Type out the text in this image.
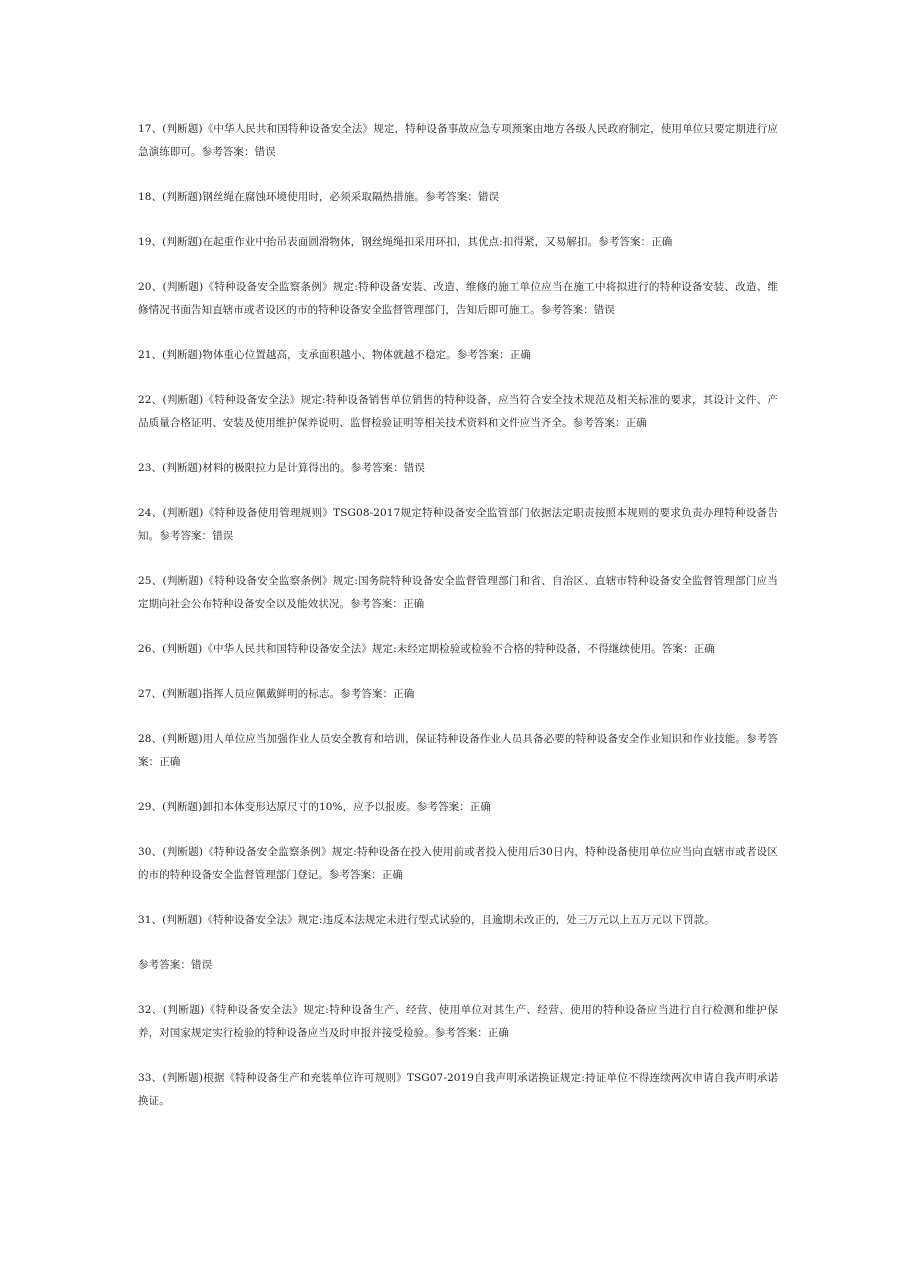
17、(判断题)《中华人民共和国特种设备安全法》规定，特种设备事故应急专项预案由地方各级人民政府制定，使用单位只要定期进行应急演练即可。参考答案：错误

18、(判断题)钢丝绳在腐蚀环境使用时，必须采取隔热措施。参考答案：错误

19、(判断题)在起重作业中抬吊表面圆滑物体，钢丝绳绳扣采用环扣，其优点:扣得紧，又易解扣。参考答案：正确

20、(判断题)《特种设备安全监察条例》规定:特种设备安装、改造、维修的施工单位应当在施工中将拟进行的特种设备安装、改造、维修情况书面告知直辖市或者设区的市的特种设备安全监督管理部门，告知后即可施工。参考答案：错误

21、(判断题)物体重心位置越高，支承面积越小、物体就越不稳定。参考答案：正确

22、(判断题)《特种设备安全法》规定:特种设备销售单位销售的特种设备，应当符合安全技术规范及相关标准的要求，其设计文件、产品质量合格证明、安装及使用维护保养说明、监督检验证明等相关技术资料和文件应当齐全。参考答案：正确

23、(判断题)材料的极限拉力是计算得出的。参考答案：错误

24、(判断题)《特种设备使用管理规则》TSG08-2017规定特种设备安全监管部门依据法定职责按照本规则的要求负责办理特种设备告知。参考答案：错误

25、(判断题)《特种设备安全监察条例》规定:国务院特种设备安全监督管理部门和省、自治区、直辖市特种设备安全监督管理部门应当定期向社会公布特种设备安全以及能效状况。参考答案：正确

26、(判断题)《中华人民共和国特种设备安全法》规定:未经定期检验或检验不合格的特种设备，不得继续使用。答案：正确

27、(判断题)指挥人员应佩戴鲜明的标志。参考答案：正确

28、(判断题)用人单位应当加强作业人员安全教育和培训，保证特种设备作业人员具备必要的特种设备安全作业知识和作业技能。参考答案：正确

29、(判断题)卸扣本体变形达原尺寸的10%，应予以报废。参考答案：正确

30、(判断题)《特种设备安全监察条例》规定:特种设备在投入使用前或者投入使用后30日内，特种设备使用单位应当向直辖市或者设区的市的特种设备安全监督管理部门登记。参考答案：正确

31、(判断题)《特种设备安全法》规定:违反本法规定未进行型式试验的，且逾期未改正的，处三万元以上五万元以下罚款。

参考答案：错误

32、(判断题)《特种设备安全法》规定:特种设备生产、经营、使用单位对其生产、经营、使用的特种设备应当进行自行检测和维护保养，对国家规定实行检验的特种设备应当及时申报并接受检验。参考答案：正确

33、(判断题)根据《特种设备生产和充装单位许可规则》TSG07-2019自我声明承诺换证规定:持证单位不得连续两次申请自我声明承诺换证。
